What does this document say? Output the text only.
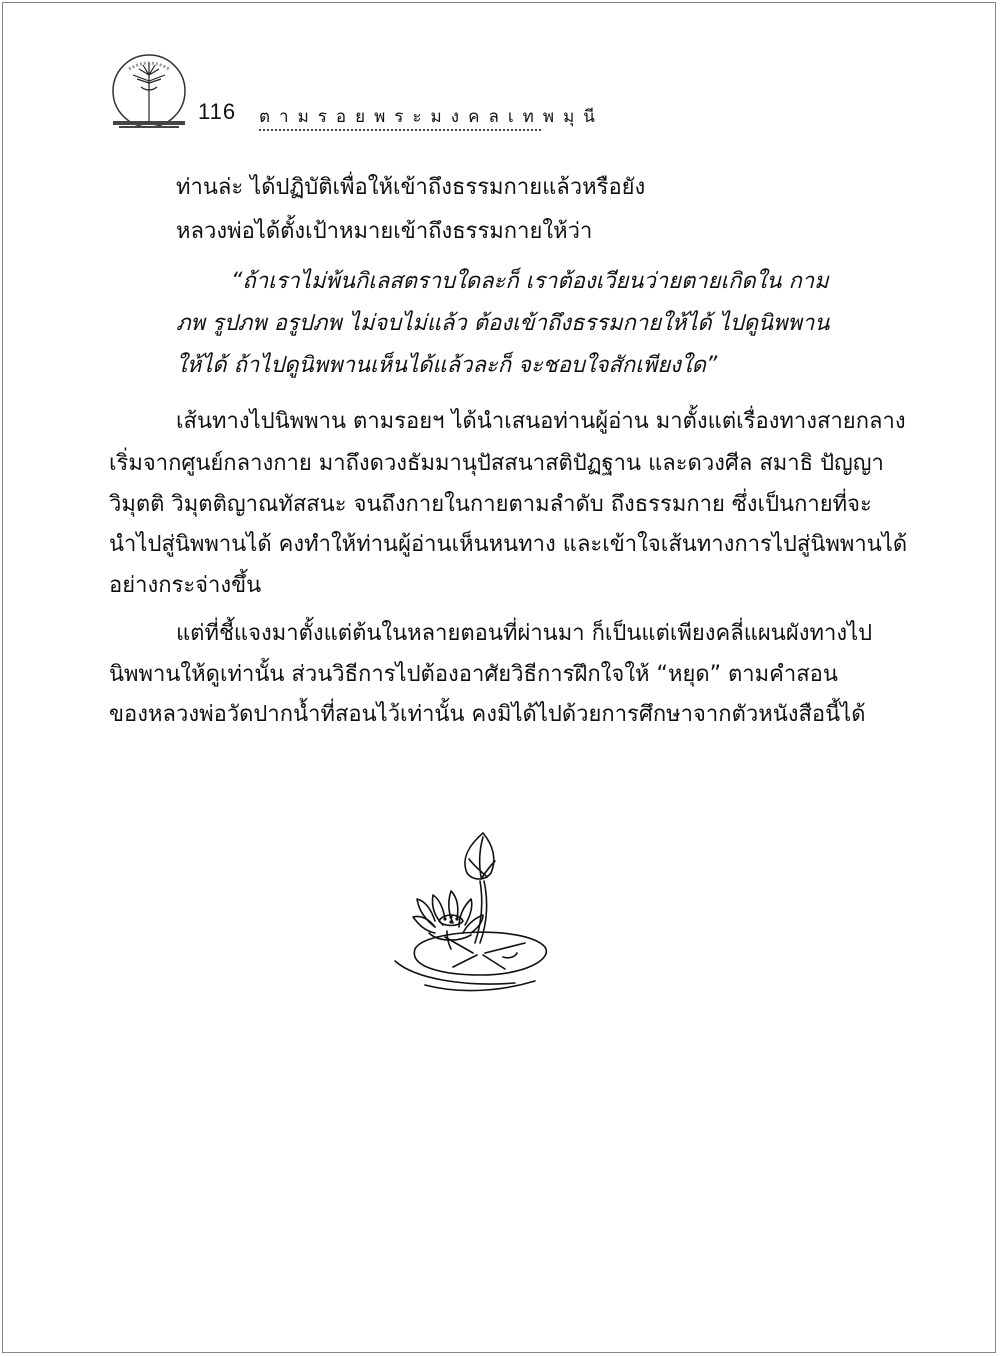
116 ตามรอยพระมงคลเทพมุนี

ท่านล่ะ ได้ปฏิบัติเพื่อให้เข้าถึงธรรมกายแล้วหรือยัง

หลวงพ่อได้ตั้งเป้าหมายเข้าถึงธรรมกายให้ว่า

“ถ้าเราไม่พ้นกิเลสตราบใดละก็ เราต้องเวียนว่ายตายเกิดใน กาม

ภพ รูปภพ อรูปภพ ไม่จบไม่แล้ว ต้องเข้าถึงธรรมกายให้ได้ ไปดูนิพพาน

ให้ได้ ถ้าไปดูนิพพานเห็นได้แล้วละก็ จะชอบใจสักเพียงใด”

เส้นทางไปนิพพาน ตามรอยฯ ได้นำเสนอท่านผู้อ่าน มาตั้งแต่เรื่องทางสายกลาง

เริ่มจากศูนย์กลางกาย มาถึงดวงธัมมานุปัสสนาสติปัฏฐาน และดวงศีล สมาธิ ปัญญา

วิมุตติ วิมุตติญาณทัสสนะ จนถึงกายในกายตามลำดับ ถึงธรรมกาย ซึ่งเป็นกายที่จะ

นำไปสู่นิพพานได้ คงทำให้ท่านผู้อ่านเห็นหนทาง และเข้าใจเส้นทางการไปสู่นิพพานได้

อย่างกระจ่างขึ้น

แต่ที่ชี้แจงมาตั้งแต่ต้นในหลายตอนที่ผ่านมา ก็เป็นแต่เพียงคลี่แผนผังทางไป

นิพพานให้ดูเท่านั้น ส่วนวิธีการไปต้องอาศัยวิธีการฝึกใจให้ “หยุด” ตามคำสอน

ของหลวงพ่อวัดปากน้ำที่สอนไว้เท่านั้น คงมิได้ไปด้วยการศึกษาจากตัวหนังสือนี้ได้
